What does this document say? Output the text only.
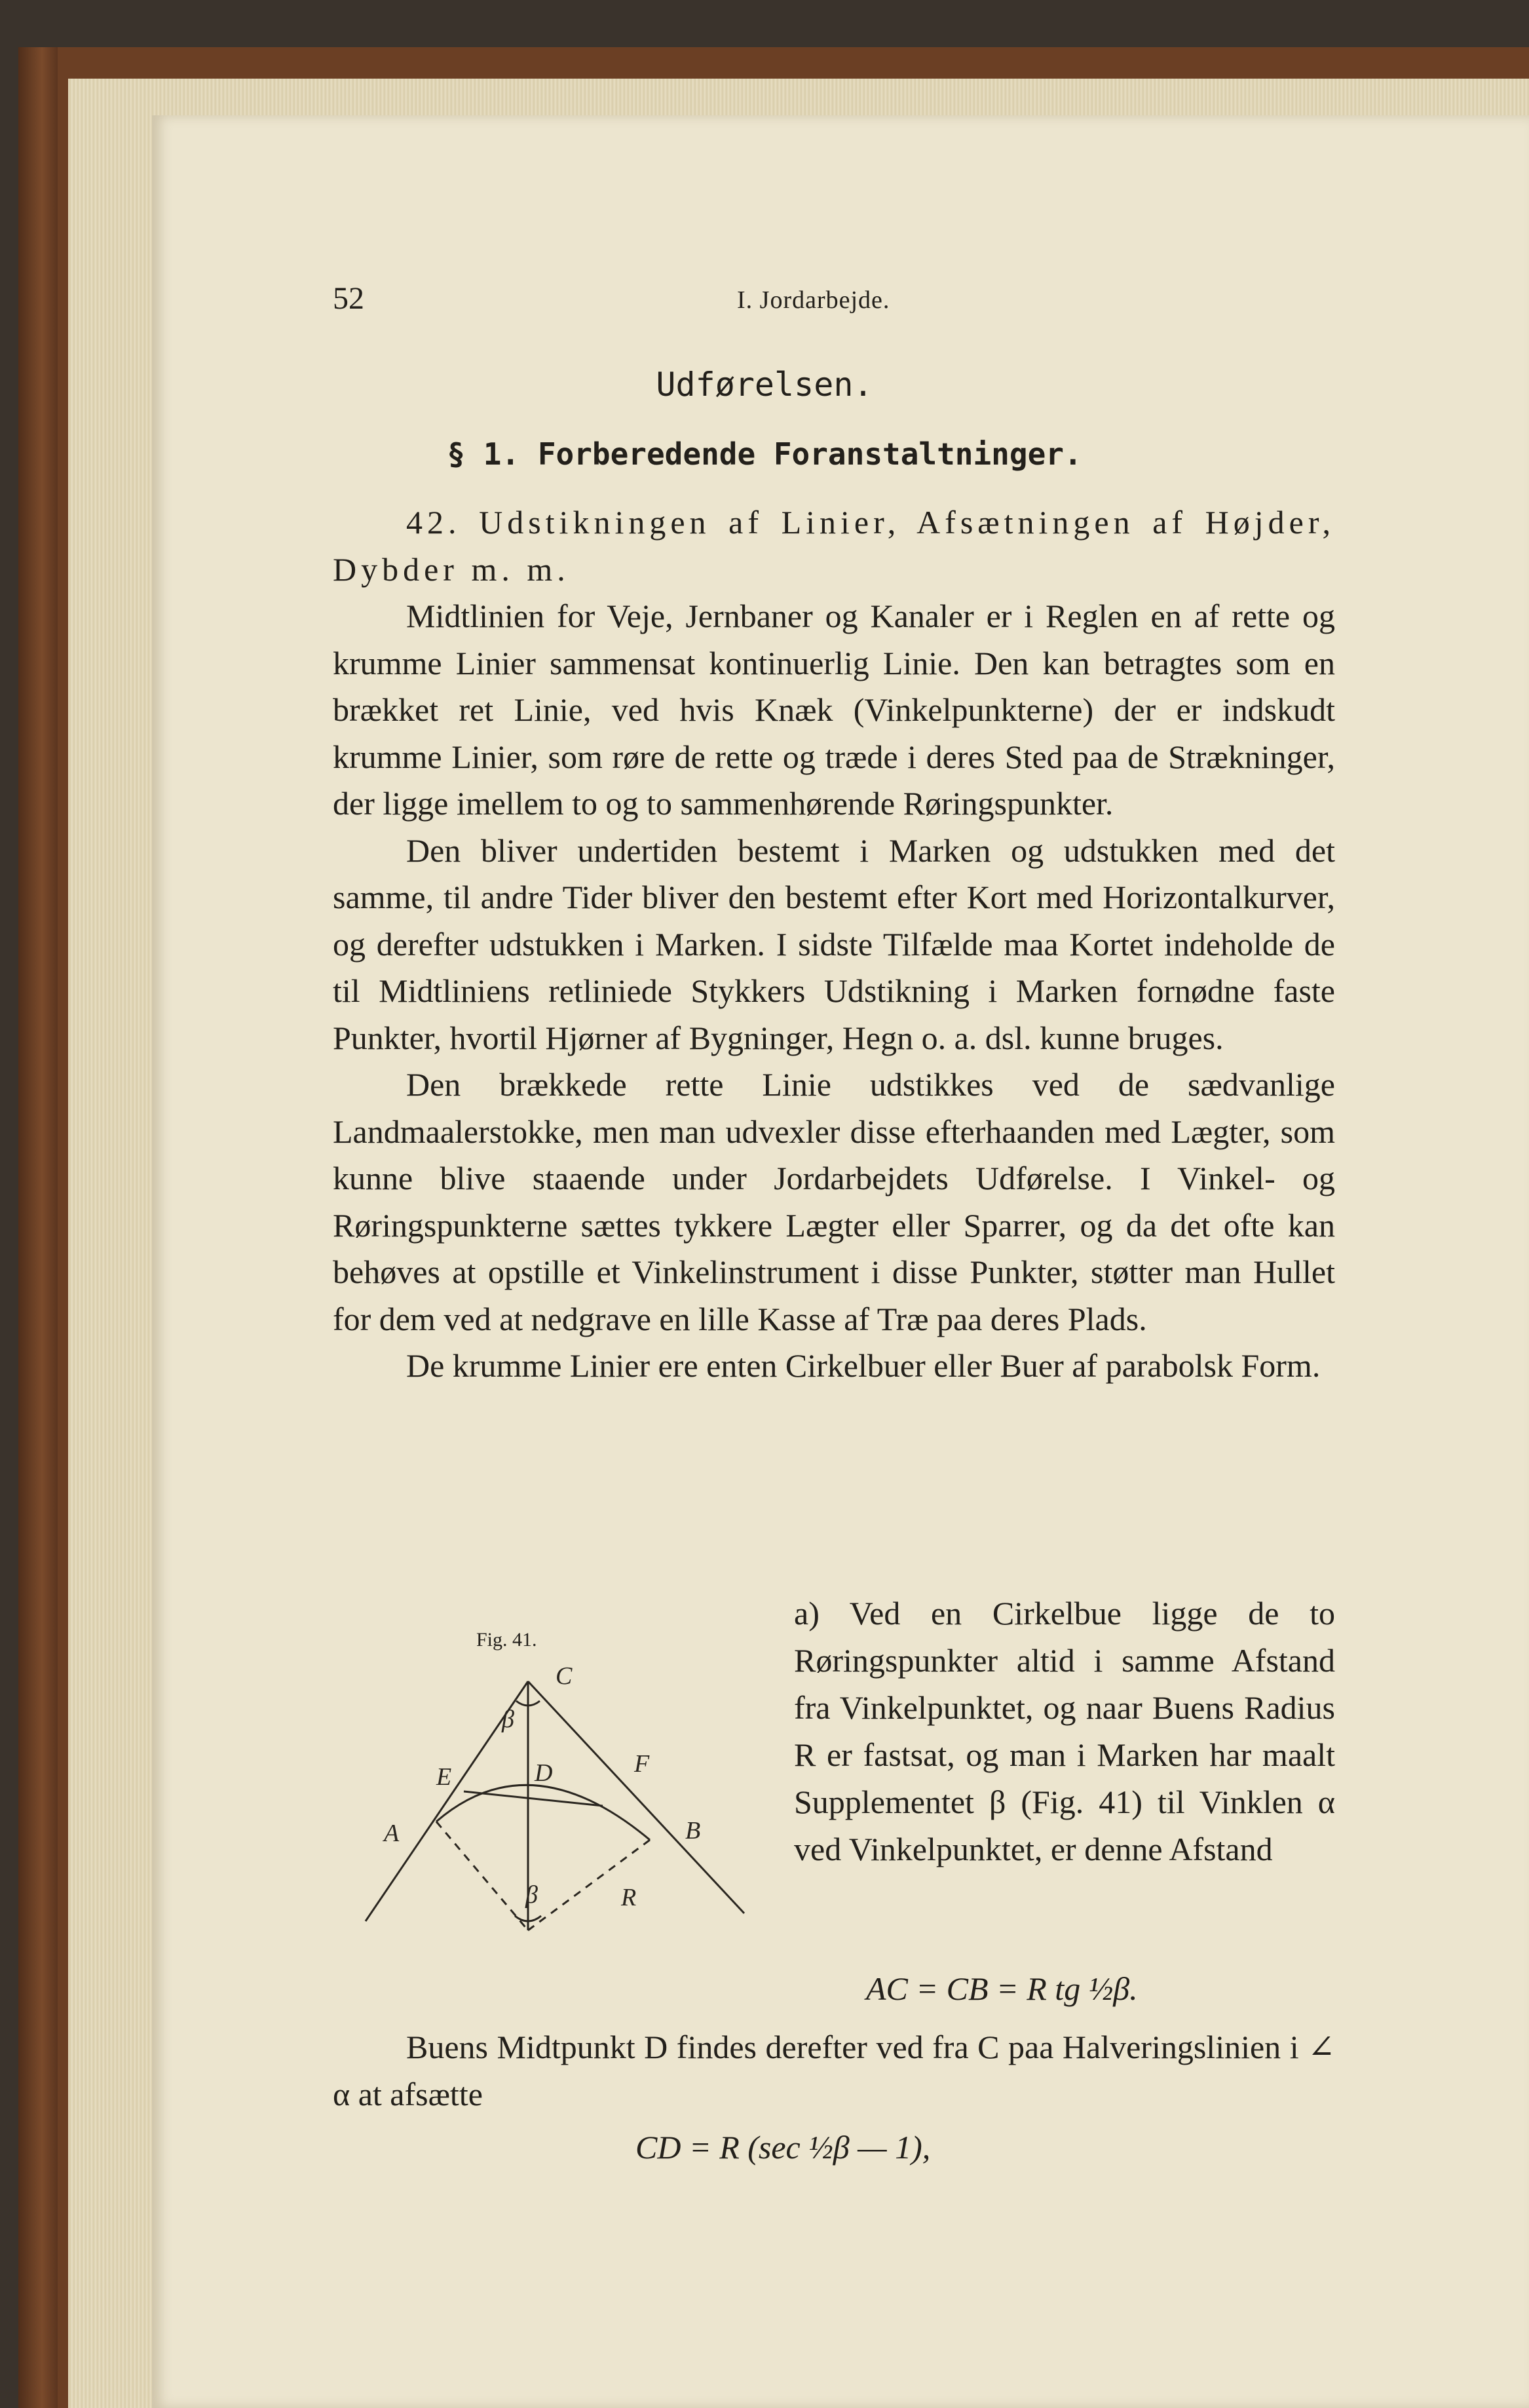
52	I. Jordarbejde.
Udførelsen.
§ 1. Forberedende Foranstaltninger.

42. Udstikningen af Linier, Afsætningen af Højder, Dybder m. m.

Midtlinien for Veje, Jernbaner og Kanaler er i Reglen en af rette og krumme Linier sammensat kontinuerlig Linie. Den kan betragtes som en brækket ret Linie, ved hvis Knæk (Vinkelpunkterne) der er indskudt krumme Linier, som røre de rette og træde i deres Sted paa de Strækninger, der ligge imellem to og to sammenhørende Røringspunkter.

Den bliver undertiden bestemt i Marken og udstukken med det samme, til andre Tider bliver den bestemt efter Kort med Horizontalkurver, og derefter udstukken i Marken. I sidste Tilfælde maa Kortet indeholde de til Midtliniens retliniede Stykkers Udstikning i Marken fornødne faste Punkter, hvortil Hjørner af Bygninger, Hegn o. a. dsl. kunne bruges.

Den brækkede rette Linie udstikkes ved de sædvanlige Landmaalerstokke, men man udvexler disse efterhaanden med Lægter, som kunne blive staaende under Jordarbejdets Udførelse. I Vinkel- og Røringspunkterne sættes tykkere Lægter eller Sparrer, og da det ofte kan behøves at opstille et Vinkelinstrument i disse Punkter, støtter man Hullet for dem ved at nedgrave en lille Kasse af Træ paa deres Plads.

De krumme Linier ere enten Cirkelbuer eller Buer af parabolsk Form.

Fig. 41.
C
β
D
E	F
A	B
β	R
a) Ved en Cirkelbue ligge de to Røringspunkter altid i samme Afstand fra Vinkelpunktet, og naar Buens Radius R er fastsat, og man i Marken har maalt Supplementet β (Fig. 41) til Vinklen α ved Vinkelpunktet, er denne Afstand
AC = CB = R tg ½β.

Buens Midtpunkt D findes derefter ved fra C paa Halveringslinien i ∠ α at afsætte

CD = R (sec ½β — 1),
